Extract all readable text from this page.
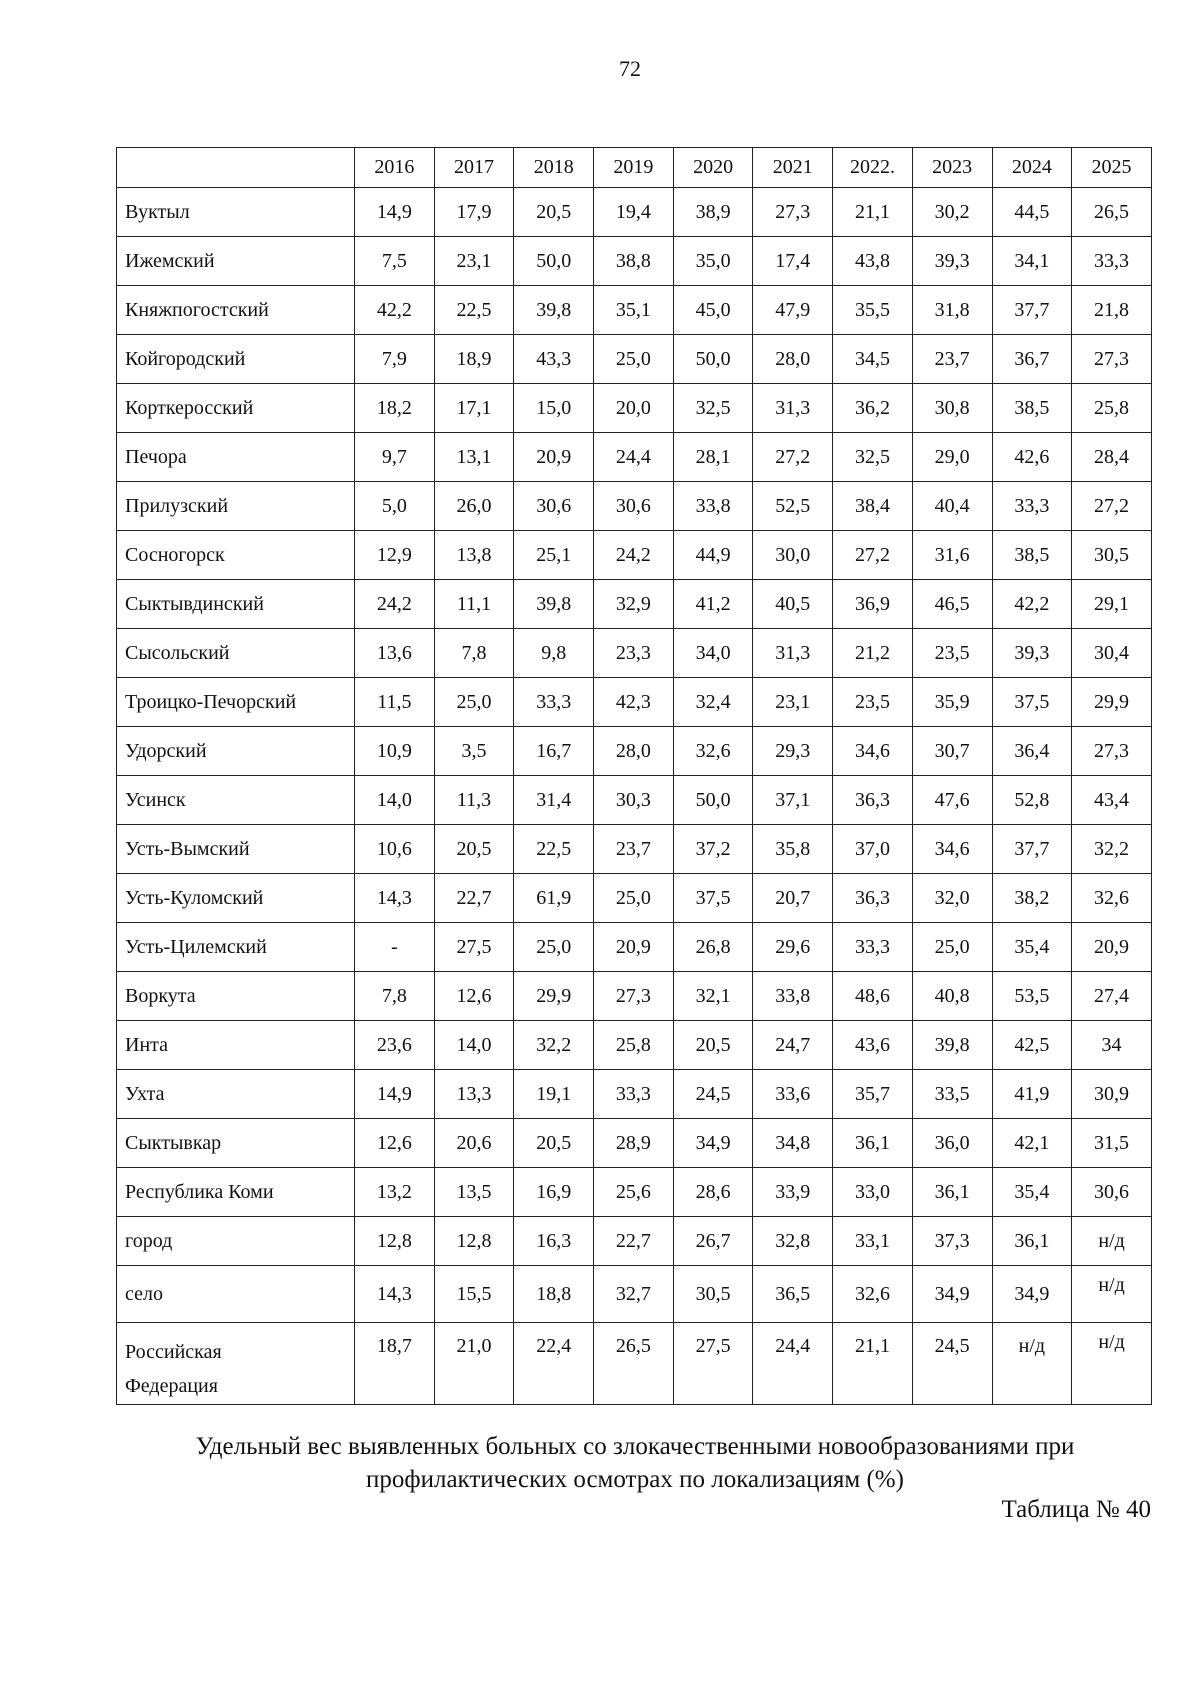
72
	2016	2017	2018	2019	2020	2021	2022.	2023	2024	2025
Вуктыл	14,9	17,9	20,5	19,4	38,9	27,3	21,1	30,2	44,5	26,5
Ижемский	7,5	23,1	50,0	38,8	35,0	17,4	43,8	39,3	34,1	33,3
Княжпогостский	42,2	22,5	39,8	35,1	45,0	47,9	35,5	31,8	37,7	21,8
Койгородский	7,9	18,9	43,3	25,0	50,0	28,0	34,5	23,7	36,7	27,3
Корткеросский	18,2	17,1	15,0	20,0	32,5	31,3	36,2	30,8	38,5	25,8
Печора	9,7	13,1	20,9	24,4	28,1	27,2	32,5	29,0	42,6	28,4
Прилузский	5,0	26,0	30,6	30,6	33,8	52,5	38,4	40,4	33,3	27,2
Сосногорск	12,9	13,8	25,1	24,2	44,9	30,0	27,2	31,6	38,5	30,5
Сыктывдинский	24,2	11,1	39,8	32,9	41,2	40,5	36,9	46,5	42,2	29,1
Сысольский	13,6	7,8	9,8	23,3	34,0	31,3	21,2	23,5	39,3	30,4
Троицко-Печорский	11,5	25,0	33,3	42,3	32,4	23,1	23,5	35,9	37,5	29,9
Удорский	10,9	3,5	16,7	28,0	32,6	29,3	34,6	30,7	36,4	27,3
Усинск	14,0	11,3	31,4	30,3	50,0	37,1	36,3	47,6	52,8	43,4
Усть-Вымский	10,6	20,5	22,5	23,7	37,2	35,8	37,0	34,6	37,7	32,2
Усть-Куломский	14,3	22,7	61,9	25,0	37,5	20,7	36,3	32,0	38,2	32,6
Усть-Цилемский	-	27,5	25,0	20,9	26,8	29,6	33,3	25,0	35,4	20,9
Воркута	7,8	12,6	29,9	27,3	32,1	33,8	48,6	40,8	53,5	27,4
Инта	23,6	14,0	32,2	25,8	20,5	24,7	43,6	39,8	42,5	34
Ухта	14,9	13,3	19,1	33,3	24,5	33,6	35,7	33,5	41,9	30,9
Сыктывкар	12,6	20,6	20,5	28,9	34,9	34,8	36,1	36,0	42,1	31,5
Республика Коми	13,2	13,5	16,9	25,6	28,6	33,9	33,0	36,1	35,4	30,6
город	12,8	12,8	16,3	22,7	26,7	32,8	33,1	37,3	36,1	н/д
село	14,3	15,5	18,8	32,7	30,5	36,5	32,6	34,9	34,9	н/д

Российская
Федерация	18,7	21,0	22,4	26,5	27,5	24,4	21,1	24,5	н/д	н/д
Удельный вес выявленных больных со злокачественными новообразованиями при
профилактических осмотрах по локализациям (%)
Таблица № 40
